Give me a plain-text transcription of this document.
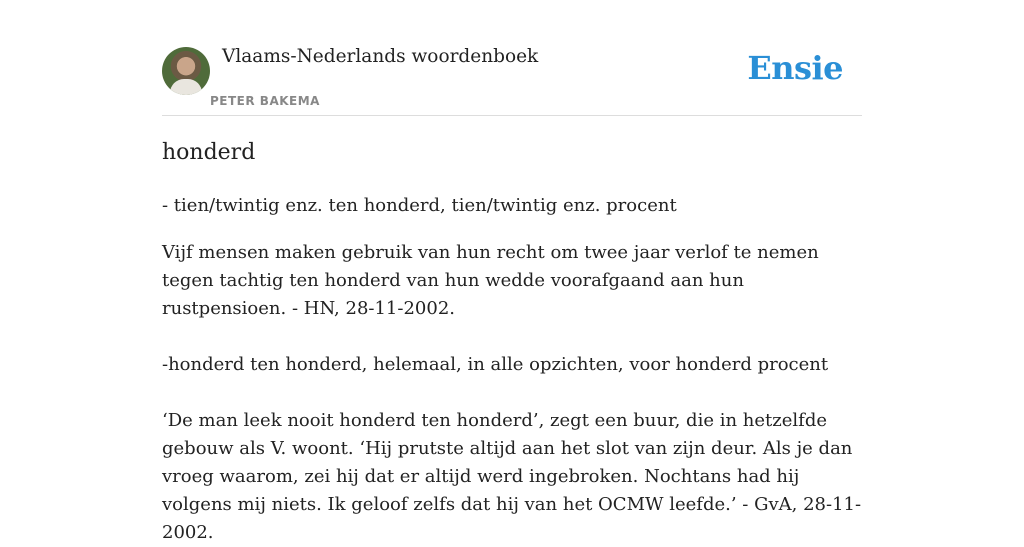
Vlaams-Nederlands woordenboek
PETER BAKEMA
Ensie
honderd

- tien/twintig enz. ten honderd, tien/twintig enz. procent

Vijf mensen maken gebruik van hun recht om twee jaar verlof te nemen tegen tachtig ten honderd van hun wedde voorafgaand aan hun rustpensioen. - HN, 28-11-2002.

-honderd ten honderd, helemaal, in alle opzichten, voor honderd procent

‘De man leek nooit honderd ten honderd’, zegt een buur, die in hetzelfde gebouw als V. woont. ‘Hij prutste altijd aan het slot van zijn deur. Als je dan vroeg waarom, zei hij dat er altijd werd ingebroken. Nochtans had hij volgens mij niets. Ik geloof zelfs dat hij van het OCMW leefde.’ - GvA, 28-11-2002.
